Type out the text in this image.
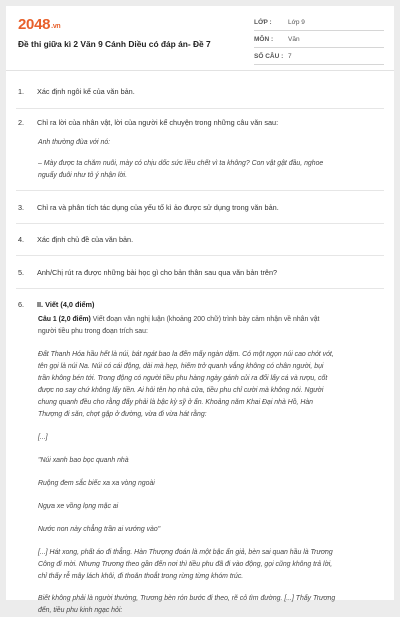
2048.vn
Đề thi giữa kì 2 Văn 9 Cánh Diều có đáp án- Đề 7
LỚP :	Lớp 9
MÔN : Văn
SỐ CÂU : 7
1. Xác định ngôi kể của văn bản.
2. Chỉ ra lời của nhân vật, lời của người kể chuyện trong những câu văn sau:
Anh thường đùa với nó:
– Mày được ta chăm nuôi, mày có chịu dốc sức liều chết vì ta không? Con vật gật đầu, nghoe
nguẩy đuôi như tỏ ý nhận lời.
3. Chỉ ra và phân tích tác dụng của yếu tố kì ảo được sử dụng trong văn bản.
4. Xác định chủ đề của văn bản.
5. Anh/Chị rút ra được những bài học gì cho bản thân sau qua văn bản trên?
6. II. Viết (4,0 điểm)
Câu 1 (2,0 điểm) Viết đoạn văn nghị luận (khoảng 200 chữ) trình bày cảm nhận về nhân vật
người tiều phu trong đoạn trích sau:
Đất Thanh Hóa hầu hết là núi, bát ngát bao la đến mấy ngàn dặm. Có một ngọn núi cao chót vót,
tên gọi là núi Na. Núi có cái động, dài mà hẹp, hiếm trở quanh vắng không có chân người, bụi
trần không bén tới. Trong động có người tiều phu hàng ngày gánh củi ra đổi lấy cá và rượu, cốt
được no say chứ không lấy tiền. Ai hỏi tên họ nhà cửa, tiều phu chỉ cười mà không nói. Người
chung quanh đều cho rằng đấy phải là bậc kỳ sỹ ở ẩn. Khoảng năm Khai Đại nhà Hồ, Hàn
Thượng đi săn, chợt gặp ở đường, vừa đi vừa hát rằng:
[...]
"Núi xanh bao bọc quanh nhà
Ruộng đem sắc biếc xa xa vòng ngoài
Ngựa xe vồng lọng mặc ai
Nước non này chẳng trần ai vướng vào"
[...] Hát xong, phất áo đi thẳng. Hàn Thượng đoán là một bậc ẩn giả, bèn sai quan hầu là Trương
Công đi mời. Nhưng Trương theo gần đến nơi thì tiều phu đã đi vào động, gọi cũng không trả lời,
chỉ thấy rễ mây lách khôi, đi thoăn thoắt trong rừng từng khóm trúc.
Biết không phải là người thường, Trương bèn rón bước đi theo, rẽ cỏ tìm đường. [...] Thấy Trương
đến, tiều phu kinh ngạc hỏi:
